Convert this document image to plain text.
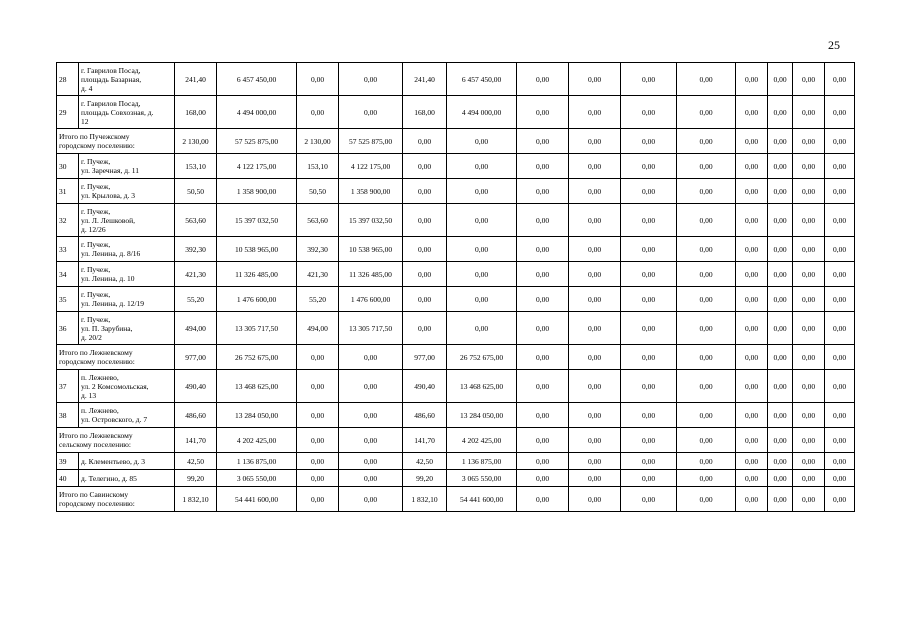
25
28	г. Гаврилов Посад,
площадь Базарная,
д. 4	241,40	6 457 450,00	0,00	0,00	241,40	6 457 450,00	0,00	0,00	0,00	0,00	0,00	0,00	0,00	0,00
29	г. Гаврилов Посад,
площадь Совхозная, д.
12	168,00	4 494 000,00	0,00	0,00	168,00	4 494 000,00	0,00	0,00	0,00	0,00	0,00	0,00	0,00	0,00

Итого по Пучежскому
городскому поселению:		2 130,00	57 525 875,00	2 130,00	57 525 875,00	0,00	0,00	0,00	0,00	0,00	0,00	0,00	0,00	0,00	0,00
30	г. Пучеж,
ул. Заречная, д. 11	153,10	4 122 175,00	153,10	4 122 175,00	0,00	0,00	0,00	0,00	0,00	0,00	0,00	0,00	0,00	0,00
31	г. Пучеж,
ул. Крылова, д. 3	50,50	1 358 900,00	50,50	1 358 900,00	0,00	0,00	0,00	0,00	0,00	0,00	0,00	0,00	0,00	0,00
32	г. Пучеж,
ул. Л. Лешковой,
д. 12/26	563,60	15 397 032,50	563,60	15 397 032,50	0,00	0,00	0,00	0,00	0,00	0,00	0,00	0,00	0,00	0,00
33	г. Пучеж,
ул. Ленина, д. 8/16	392,30	10 538 965,00	392,30	10 538 965,00	0,00	0,00	0,00	0,00	0,00	0,00	0,00	0,00	0,00	0,00
34	г. Пучеж,
ул. Ленина, д. 10	421,30	11 326 485,00	421,30	11 326 485,00	0,00	0,00	0,00	0,00	0,00	0,00	0,00	0,00	0,00	0,00
35	г. Пучеж,
ул. Ленина, д. 12/19	55,20	1 476 600,00	55,20	1 476 600,00	0,00	0,00	0,00	0,00	0,00	0,00	0,00	0,00	0,00	0,00
36	г. Пучеж,
ул. П. Зарубина,
д. 20/2	494,00	13 305 717,50	494,00	13 305 717,50	0,00	0,00	0,00	0,00	0,00	0,00	0,00	0,00	0,00	0,00

Итого по Лежневскому
городскому поселению:		977,00	26 752 675,00	0,00	0,00	977,00	26 752 675,00	0,00	0,00	0,00	0,00	0,00	0,00	0,00	0,00
37	п. Лежнево,
ул. 2 Комсомольская,
д. 13	490,40	13 468 625,00	0,00	0,00	490,40	13 468 625,00	0,00	0,00	0,00	0,00	0,00	0,00	0,00	0,00
38	п. Лежнево,
ул. Островского, д. 7	486,60	13 284 050,00	0,00	0,00	486,60	13 284 050,00	0,00	0,00	0,00	0,00	0,00	0,00	0,00	0,00

Итого по Лежневскому
сельскому поселению:		141,70	4 202 425,00	0,00	0,00	141,70	4 202 425,00	0,00	0,00	0,00	0,00	0,00	0,00	0,00	0,00
39	д. Клементьево, д. 3	42,50	1 136 875,00	0,00	0,00	42,50	1 136 875,00	0,00	0,00	0,00	0,00	0,00	0,00	0,00	0,00
40	д. Телегино, д. 85	99,20	3 065 550,00	0,00	0,00	99,20	3 065 550,00	0,00	0,00	0,00	0,00	0,00	0,00	0,00	0,00

Итого по Савинскому
городскому поселению:		1 832,10	54 441 600,00	0,00	0,00	1 832,10	54 441 600,00	0,00	0,00	0,00	0,00	0,00	0,00	0,00	0,00
